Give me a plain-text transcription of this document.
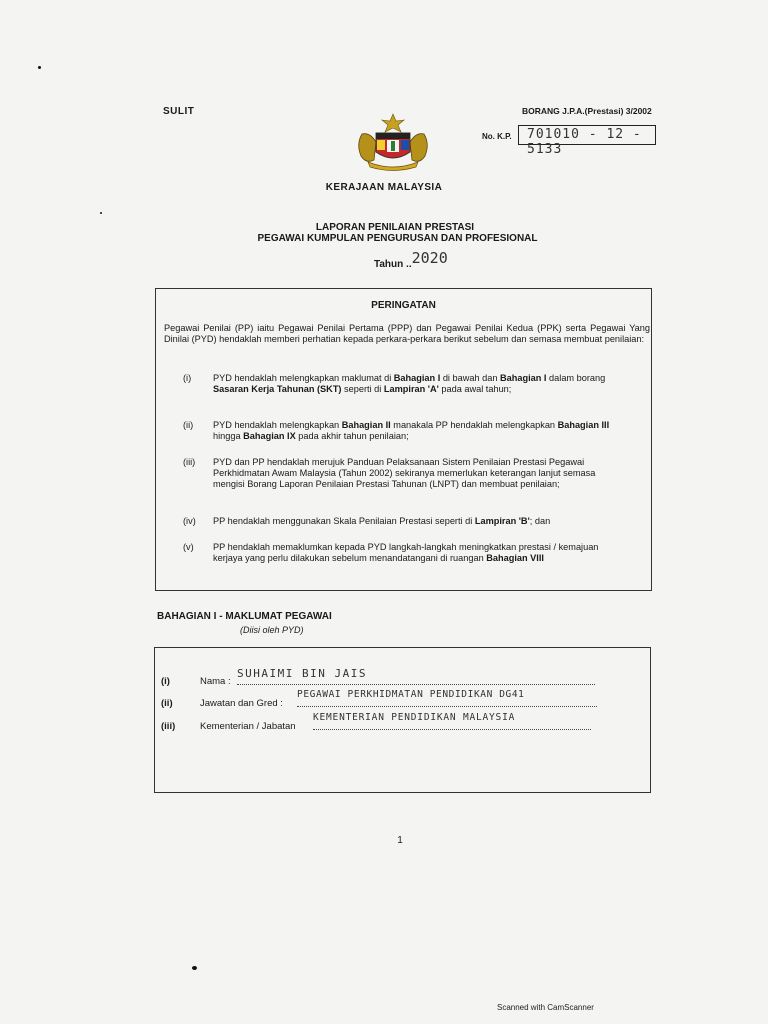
SULIT	BORANG J.P.A.(Prestasi) 3/2002
No. K.P. 701010 - 12 - 5133
KERAJAAN MALAYSIA
LAPORAN PENILAIAN PRESTASI
PEGAWAI KUMPULAN PENGURUSAN DAN PROFESIONAL
Tahun ..2020
PERINGATAN
Pegawai Penilai (PP) iaitu Pegawai Penilai Pertama (PPP) dan Pegawai Penilai Kedua (PPK) serta Pegawai Yang Dinilai (PYD) hendaklah memberi perhatian kepada perkara-perkara berikut sebelum dan semasa membuat penilaian:
(i) PYD hendaklah melengkapkan maklumat di Bahagian I di bawah dan Bahagian I dalam borang Sasaran Kerja Tahunan (SKT) seperti di Lampiran 'A' pada awal tahun;
(ii) PYD hendaklah melengkapkan Bahagian II manakala PP hendaklah melengkapkan Bahagian III hingga Bahagian IX pada akhir tahun penilaian;
(iii) PYD dan PP hendaklah merujuk Panduan Pelaksanaan Sistem Penilaian Prestasi Pegawai Perkhidmatan Awam Malaysia (Tahun 2002) sekiranya memerlukan keterangan lanjut semasa mengisi Borang Laporan Penilaian Prestasi Tahunan (LNPT) dan membuat penilaian;
(iv) PP hendaklah menggunakan Skala Penilaian Prestasi seperti di Lampiran 'B'; dan
(v) PP hendaklah memaklumkan kepada PYD langkah-langkah meningkatkan prestasi / kemajuan kerjaya yang perlu dilakukan sebelum menandatangani di ruangan Bahagian VIII
BAHAGIAN I - MAKLUMAT PEGAWAI
(Diisi oleh PYD)
(i)	Nama :
SUHAIMI BIN JAIS
(ii)	Jawatan dan Gred :
PEGAWAI PERKHIDMATAN PENDIDIKAN DG41
(iii)	Kementerian / Jabatan
KEMENTERIAN PENDIDIKAN MALAYSIA
1
Scanned with CamScanner
